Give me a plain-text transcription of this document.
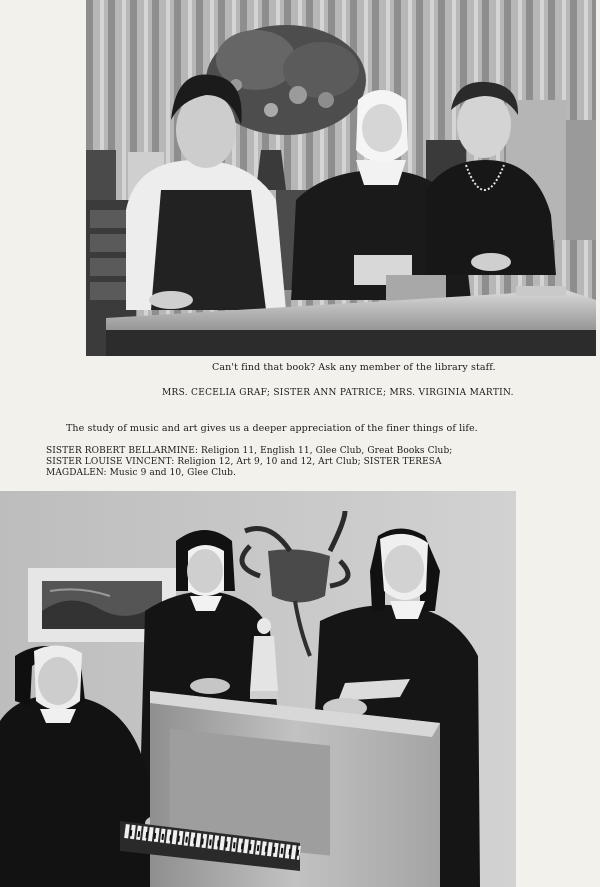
Can't find that book? Ask any member of the library staff.
MRS. CECELIA GRAF; SISTER ANN PATRICE; MRS. VIRGINIA MARTIN.
The study of music and art gives us a deeper appreciation of the finer things of life.
SISTER ROBERT BELLARMINE: Religion 11, English 11, Glee Club, Great Books Club;
SISTER LOUISE VINCENT: Religion 12, Art 9, 10 and 12, Art Club; SISTER TERESA
MAGDALEN: Music 9 and 10, Glee Club.
